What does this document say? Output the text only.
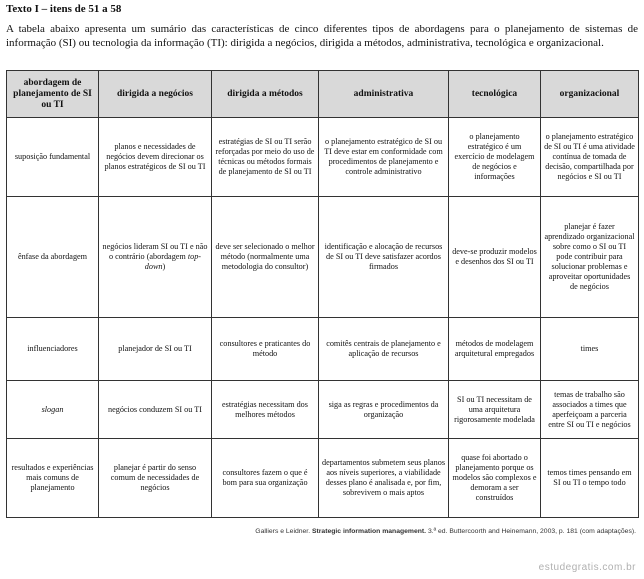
Texto I – itens de 51 a 58
A tabela abaixo apresenta um sumário das características de cinco diferentes tipos de abordagens para o planejamento de sistemas de informação (SI) ou tecnologia da informação (TI): dirigida a negócios, dirigida a métodos, administrativa, tecnológica e organizacional.
abordagem de planejamento de SI ou TI	dirigida a negócios	dirigida a métodos	administrativa	tecnológica	organizacional
suposição fundamental	planos e necessidades de negócios devem direcionar os planos estratégicos de SI ou TI	estratégias de SI ou TI serão reforçadas por meio do uso de técnicas ou métodos formais de planejamento de SI ou TI	o planejamento estratégico de SI ou TI deve estar em conformidade com procedimentos de planejamento e controle administrativo	o planejamento estratégico é um exercício de modelagem de negócios e informações	o planejamento estratégico de SI ou TI é uma atividade contínua de tomada de decisão, compartilhada por negócios e SI ou TI
ênfase da abordagem	negócios lideram SI ou TI e não o contrário (abordagem top-down)	deve ser selecionado o melhor método (normalmente uma metodologia do consultor)	identificação e alocação de recursos de SI ou TI deve satisfazer acordos firmados	deve-se produzir modelos e desenhos dos SI ou TI	planejar é fazer aprendizado organizacional sobre como o SI ou TI pode contribuir para solucionar problemas e aproveitar oportunidades de negócios
influenciadores	planejador de SI ou TI	consultores e praticantes do método	comitês centrais de planejamento e aplicação de recursos	métodos de modelagem arquitetural empregados	times
slogan	negócios conduzem SI ou TI	estratégias necessitam dos melhores métodos	siga as regras e procedimentos da organização	SI ou TI necessitam de uma arquitetura rigorosamente modelada	temas de trabalho são associados a times que aperfeiçoam a parceria entre SI ou TI e negócios
resultados e experiências mais comuns de planejamento	planejar é partir do senso comum de necessidades de negócios	consultores fazem o que é bom para sua organização	departamentos submetem seus planos aos níveis superiores, a viabilidade desses plano é analisada e, por fim, sobrevivem o mais aptos	quase foi abortado o planejamento porque os modelos são complexos e demoram a ser construídos	temos times pensando em SI ou TI o tempo todo
Galliers e Leidner. Strategic information management. 3.ª ed. Buttercoorth and Heinemann, 2003, p. 181 (com adaptações).
estudegratis.com.br
